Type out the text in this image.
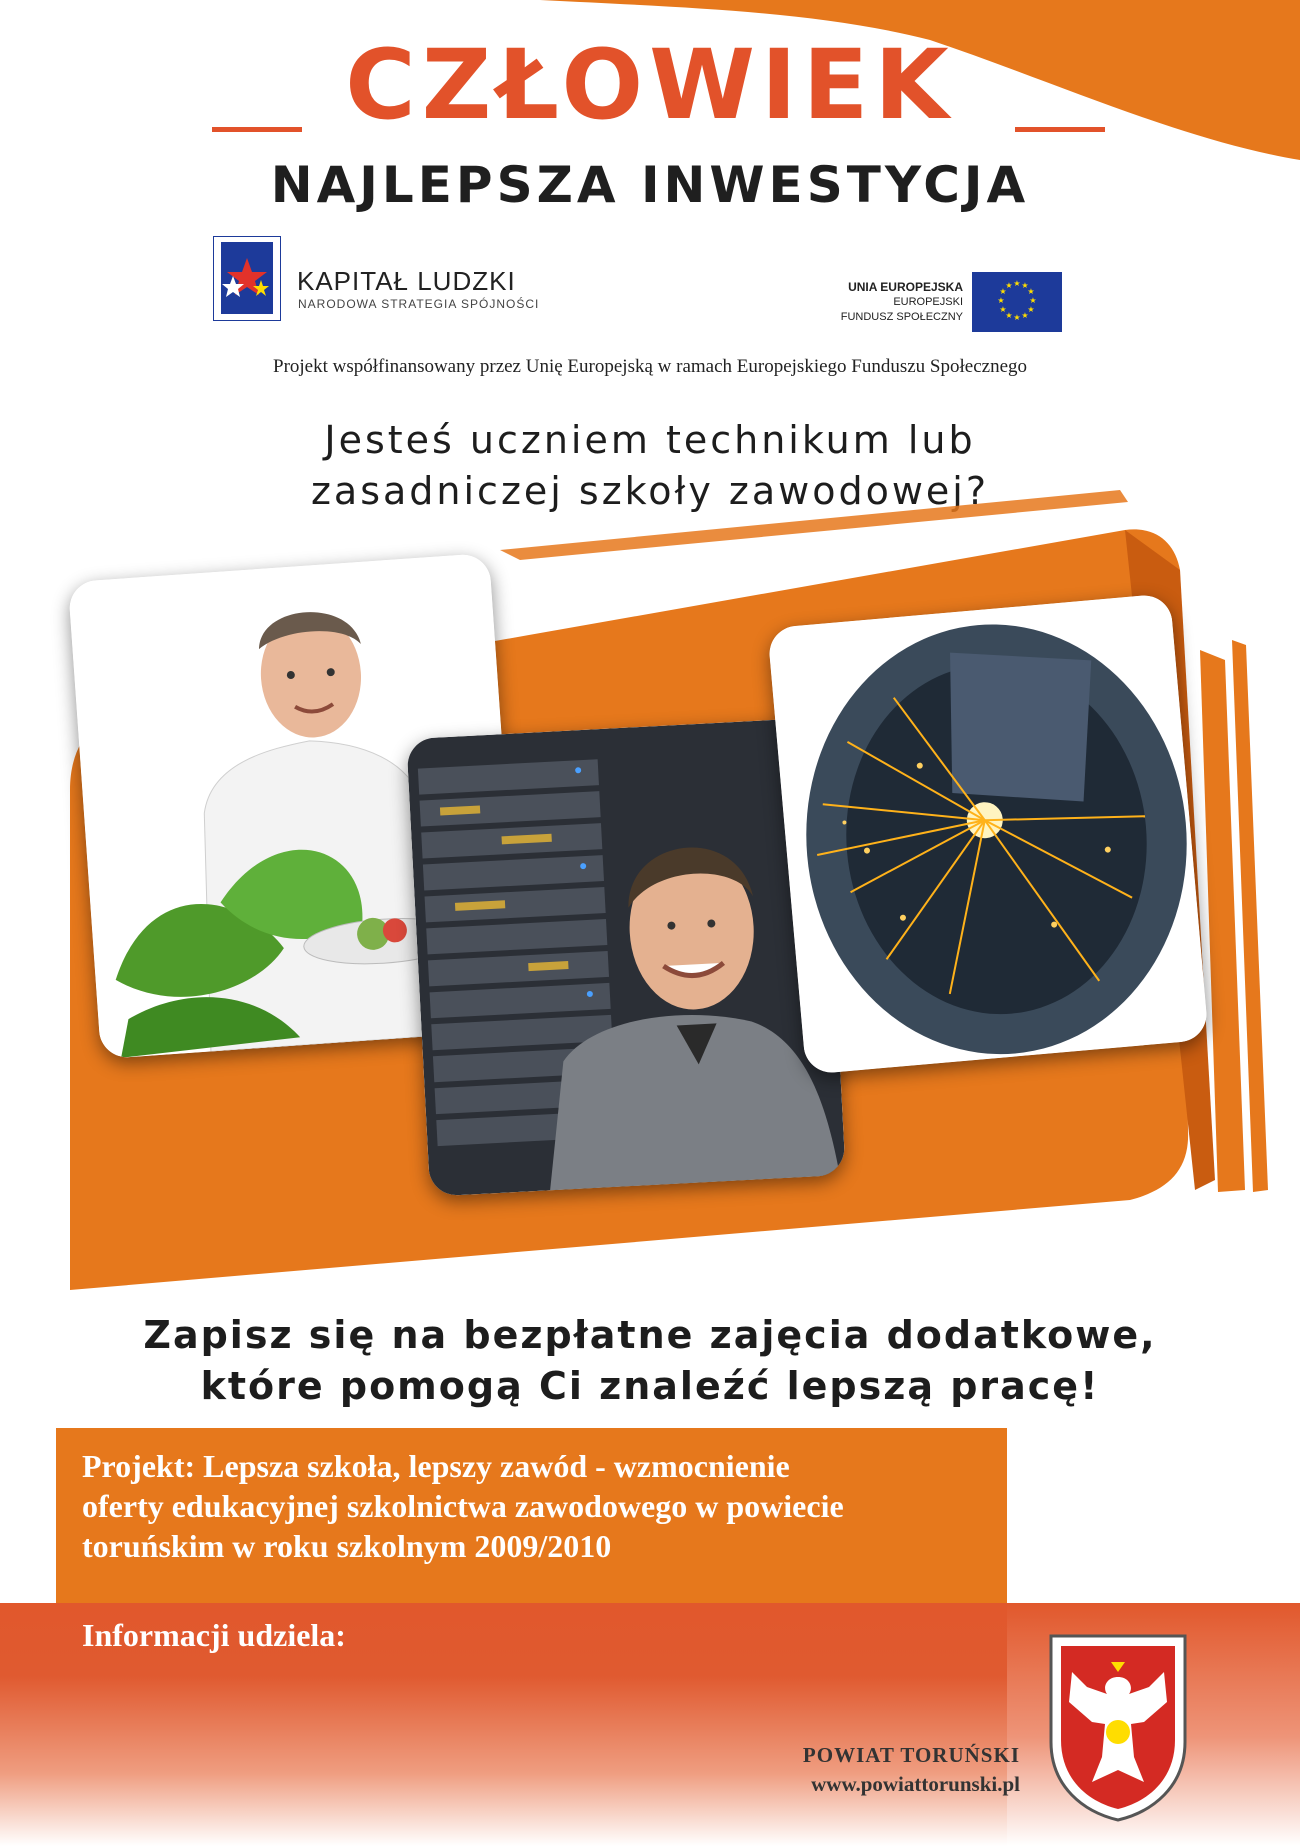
CZŁOWIEK
NAJLEPSZA INWESTYCJA
KAPITAŁ LUDZKI
NARODOWA STRATEGIA SPÓJNOŚCI
UNIA EUROPEJSKA
EUROPEJSKI
FUNDUSZ SPOŁECZNY
★ ★
★
★
★
★
★
★
★
★
★
★
Projekt współfinansowany przez Unię Europejską w ramach Europejskiego Funduszu Społecznego
Jesteś uczniem technikum lub
zasadniczej szkoły zawodowej?
Zapisz się na bezpłatne zajęcia dodatkowe,
które pomogą Ci znaleźć lepszą pracę!
Projekt: Lepsza szkoła, lepszy zawód - wzmocnienie
oferty edukacyjnej szkolnictwa zawodowego w powiecie
toruńskim w roku szkolnym 2009/2010
Informacji udziela:
POWIAT TORUŃSKI
www.powiattorunski.pl
